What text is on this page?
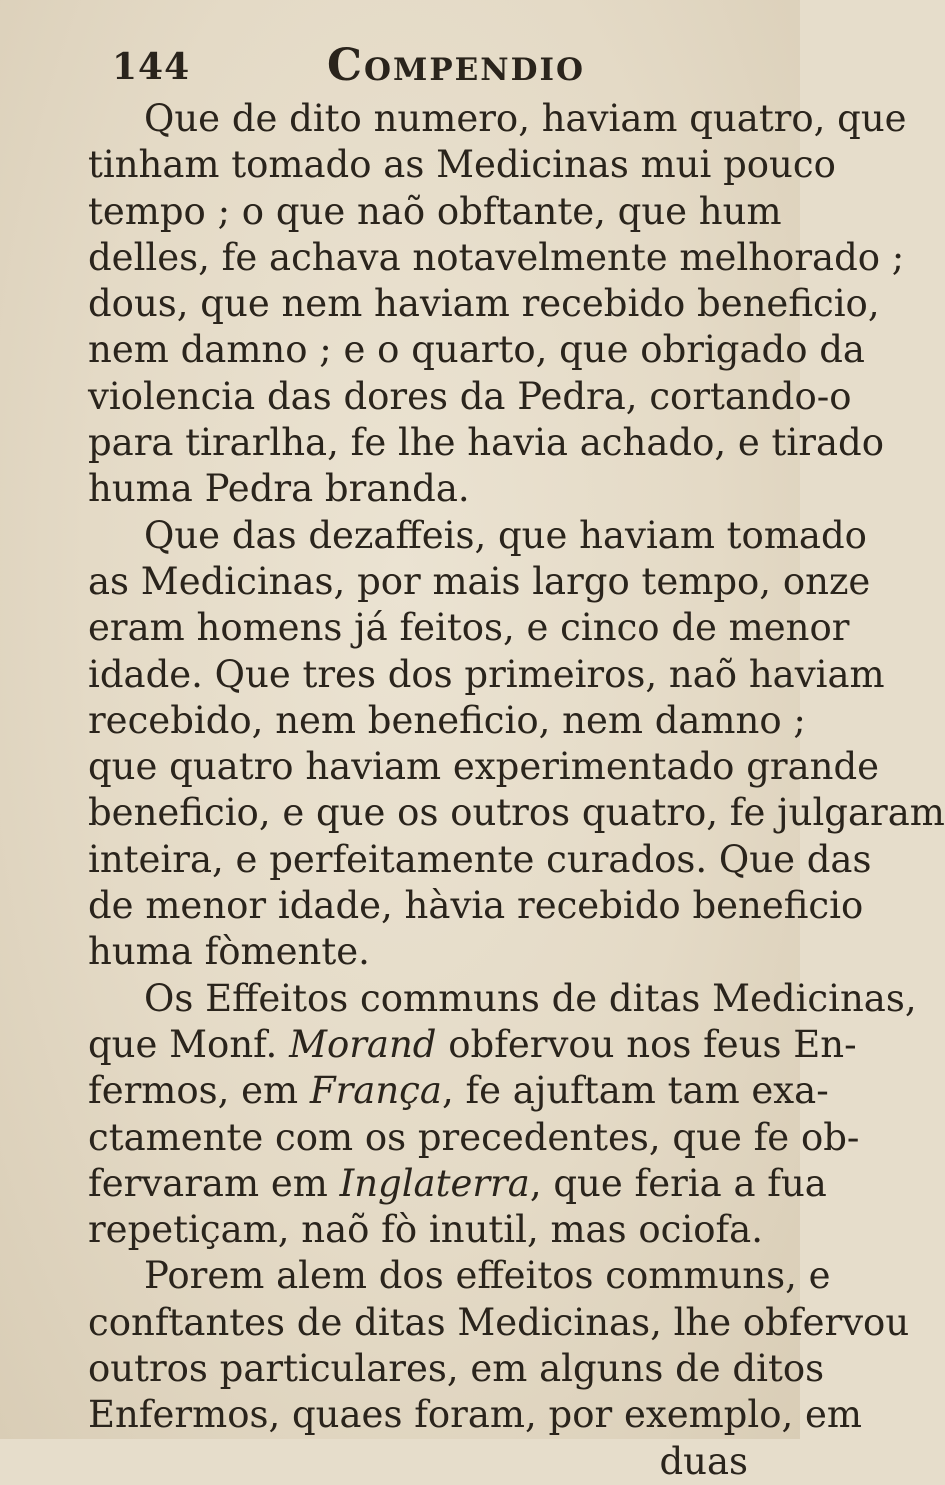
144	Compendio
Que de dito numero, haviam quatro, que
tinham tomado as Medicinas mui pouco
tempo ; o que naõ obftante, que hum
delles, fe achava notavelmente melhorado ;
dous, que nem haviam recebido beneficio,
nem damno ; e o quarto, que obrigado da
violencia das dores da Pedra, cortando-o
para tirarlha, fe lhe havia achado, e tirado
huma Pedra branda.
Que das dezaffeis, que haviam tomado
as Medicinas, por mais largo tempo, onze
eram homens já feitos, e cinco de menor
idade. Que tres dos primeiros, naõ haviam
recebido, nem beneficio, nem damno ;
que quatro haviam experimentado grande
beneficio, e que os outros quatro, fe julgaram
inteira, e perfeitamente curados. Que das
de menor idade, hàvia recebido beneficio
huma fòmente.
Os Effeitos communs de ditas Medicinas,
que Monf. Morand obfervou nos feus En-
fermos, em França, fe ajuftam tam exa-
ctamente com os precedentes, que fe ob-
fervaram em Inglaterra, que feria a fua
repetiçam, naõ fò inutil, mas ociofa.
Porem alem dos effeitos communs, e
conftantes de ditas Medicinas, lhe obfervou
outros particulares, em alguns de ditos
Enfermos, quaes foram, por exemplo, em
duas
